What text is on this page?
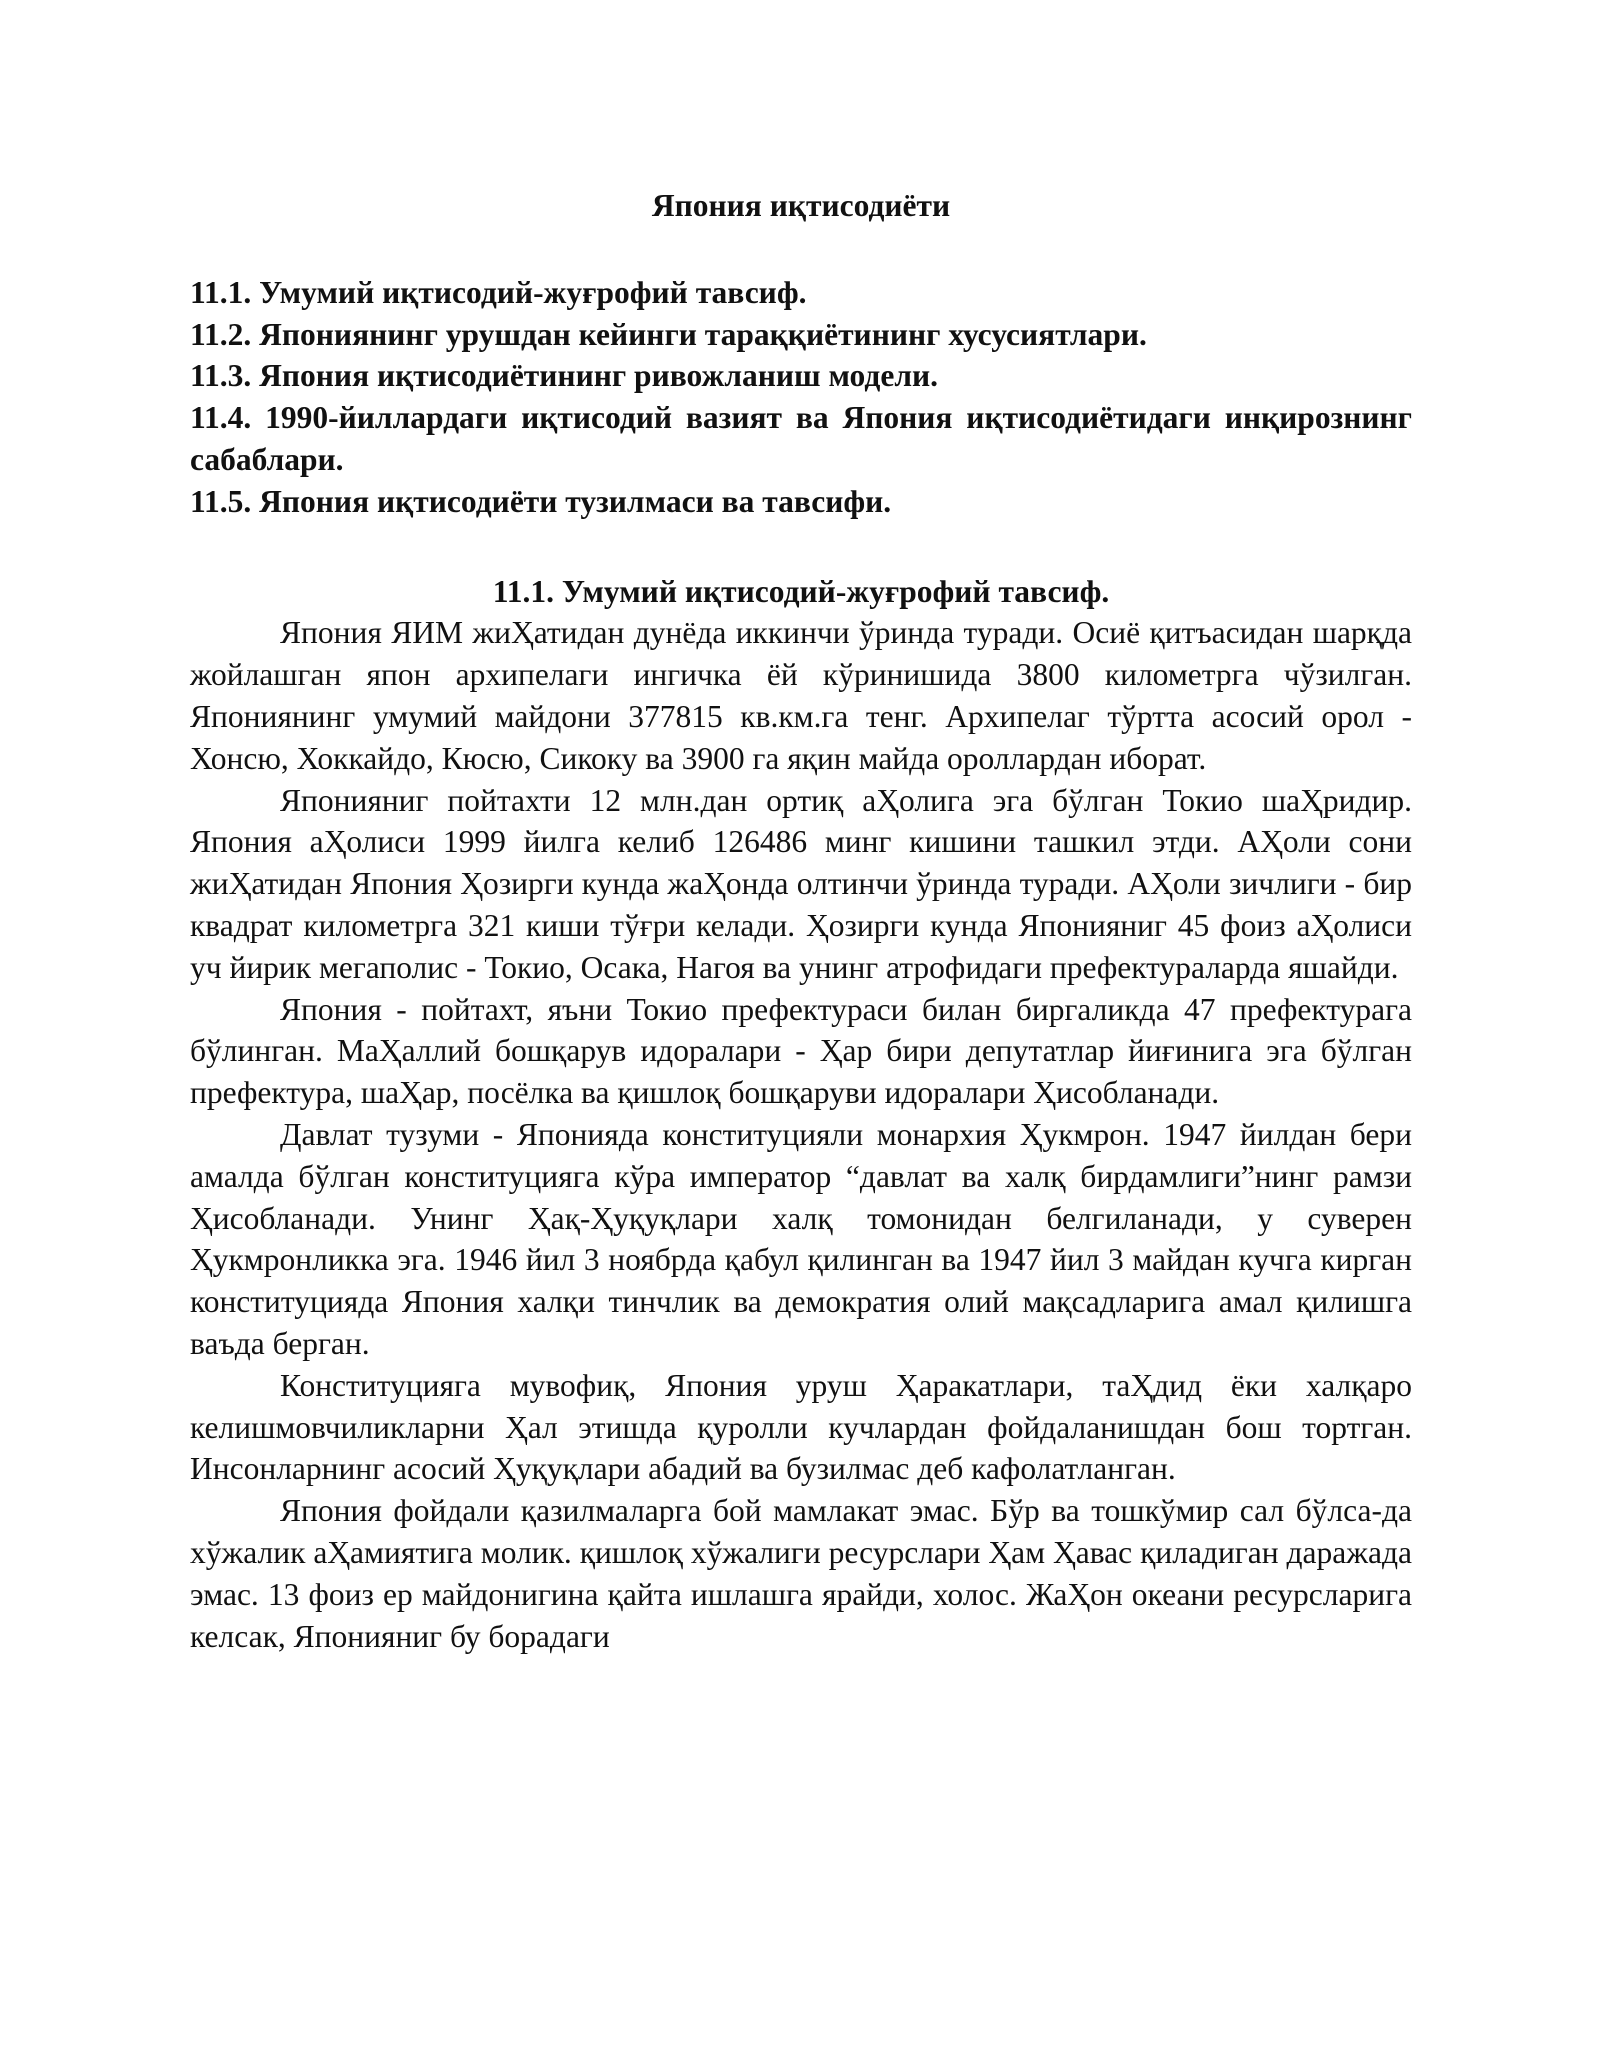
Япония иқтисодиёти
11.1. Умумий иқтисодий-жуғрофий тавсиф.
11.2. Япониянинг урушдан кейинги тараққиётининг хусусиятлари.
11.3. Япония иқтисодиётининг ривожланиш модели.
11.4. 1990-йиллардаги иқтисодий вазият ва Япония иқтисодиётидаги инқирознинг сабаблари.
11.5. Япония иқтисодиёти тузилмаси ва тавсифи.
11.1. Умумий иқтисодий-жуғрофий тавсиф.

Япония ЯИМ жиҲатидан дунёда иккинчи ўринда туради. Осиё қитъасидан шарқда жойлашган япон архипелаги ингичка ёй кўринишида 3800 километрга чўзилган. Япониянинг умумий майдони 377815 кв.км.га тенг. Архипелаг тўртта асосий орол - Хонсю, Хоккайдо, Кюсю, Сикоку ва 3900 га яқин майда ороллардан иборат.

Японияниг пойтахти 12 млн.дан ортиқ аҲолига эга бўлган Токио шаҲридир. Япония аҲолиси 1999 йилга келиб 126486 минг кишини ташкил этди. АҲоли сони жиҲатидан Япония Ҳозирги кунда жаҲонда олтинчи ўринда туради. АҲоли зичлиги - бир квадрат километрга 321 киши тўғри келади. Ҳозирги кунда Японияниг 45 фоиз аҲолиси уч йирик мегаполис - Токио, Осака, Нагоя ва унинг атрофидаги префектураларда яшайди.

Япония - пойтахт, яъни Токио префектураси билан биргаликда 47 префектурага бўлинган. МаҲаллий бошқарув идоралари - Ҳар бири депутатлар йиғинига эга бўлган префектура, шаҲар, посёлка ва қишлоқ бошқаруви идоралари Ҳисобланади.

Давлат тузуми - Японияда конституцияли монархия Ҳукмрон. 1947 йилдан бери амалда бўлган конституцияга кўра император “давлат ва халқ бирдамлиги”нинг рамзи Ҳисобланади. Унинг Ҳақ-Ҳуқуқлари халқ томонидан белгиланади, у суверен Ҳукмронликка эга. 1946 йил 3 ноябрда қабул қилинган ва 1947 йил 3 майдан кучга кирган конституцияда Япония халқи тинчлик ва демократия олий мақсадларига амал қилишга ваъда берган.

Конституцияга мувофиқ, Япония уруш Ҳаракатлари, таҲдид ёки халқаро келишмовчиликларни Ҳал этишда қуролли кучлардан фойдаланишдан бош тортган. Инсонларнинг асосий Ҳуқуқлари абадий ва бузилмас деб кафолатланган.

Япония фойдали қазилмаларга бой мамлакат эмас. Бўр ва тошкўмир сал бўлса-да хўжалик аҲамиятига молик. қишлоқ хўжалиги ресурслари Ҳам Ҳавас қиладиган даражада эмас. 13 фоиз ер майдонигина қайта ишлашга ярайди, холос. ЖаҲон океани ресурсларига келсак, Японияниг бу борадаги
